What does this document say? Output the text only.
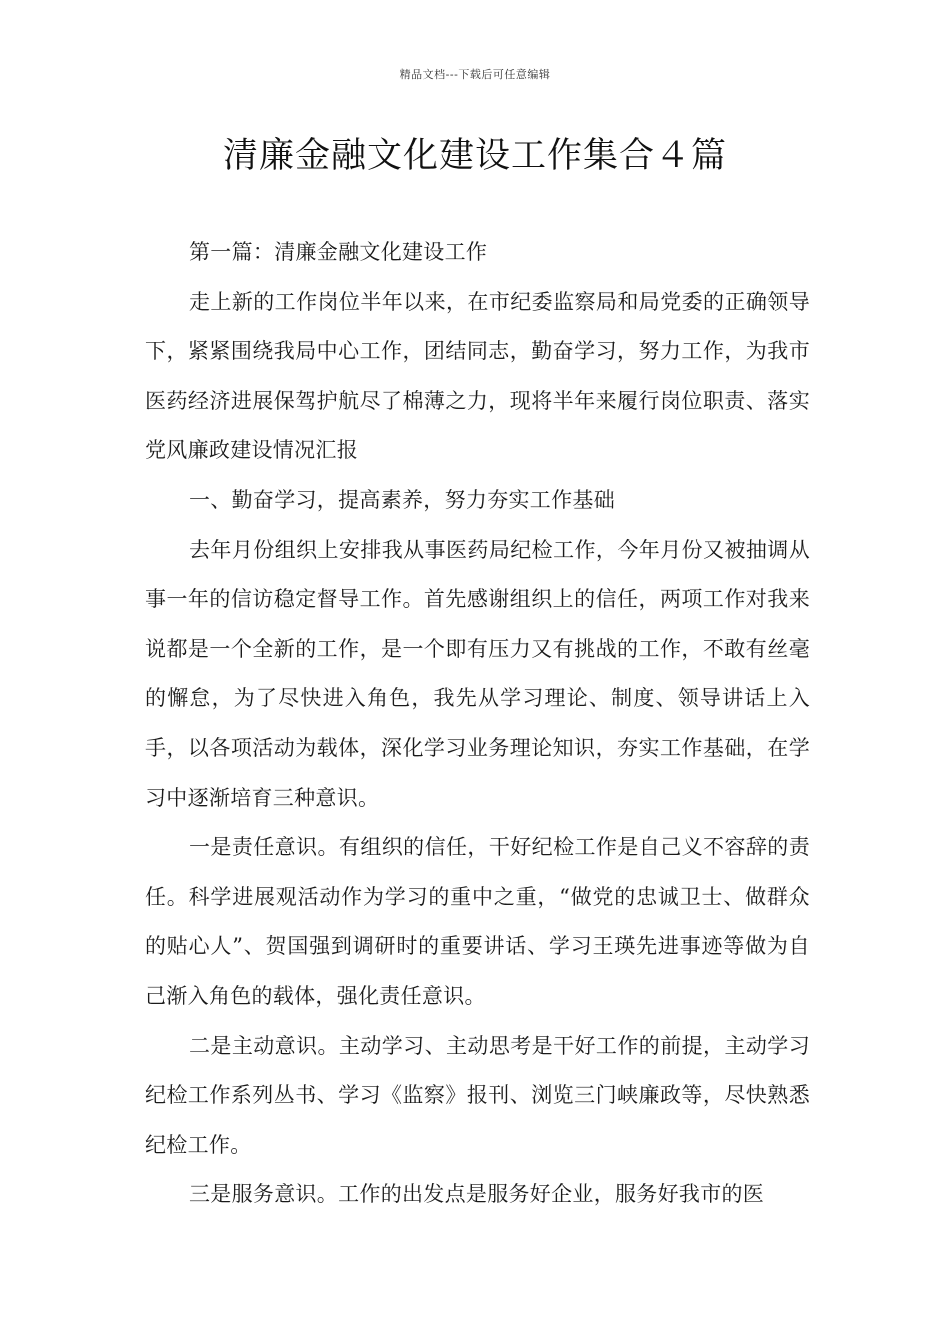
精品文档---下载后可任意编辑
清廉金融文化建设工作集合４篇

第一篇：清廉金融文化建设工作

走上新的工作岗位半年以来，在市纪委监察局和局党委的正确领导下，紧紧围绕我局中心工作，团结同志，勤奋学习，努力工作，为我市医药经济进展保驾护航尽了棉薄之力，现将半年来履行岗位职责、落实党风廉政建设情况汇报

一、勤奋学习，提高素养，努力夯实工作基础

去年月份组织上安排我从事医药局纪检工作，今年月份又被抽调从事一年的信访稳定督导工作。首先感谢组织上的信任，两项工作对我来说都是一个全新的工作，是一个即有压力又有挑战的工作，不敢有丝毫的懈怠，为了尽快进入角色，我先从学习理论、制度、领导讲话上入手，以各项活动为载体，深化学习业务理论知识，夯实工作基础，在学习中逐渐培育三种意识。

一是责任意识。有组织的信任，干好纪检工作是自己义不容辞的责任。科学进展观活动作为学习的重中之重，“做党的忠诚卫士、做群众的贴心人”、贺国强到调研时的重要讲话、学习王瑛先进事迹等做为自己渐入角色的载体，强化责任意识。

二是主动意识。主动学习、主动思考是干好工作的前提，主动学习纪检工作系列丛书、学习《监察》报刊、浏览三门峡廉政等，尽快熟悉纪检工作。

三是服务意识。工作的出发点是服务好企业，服务好我市的医
